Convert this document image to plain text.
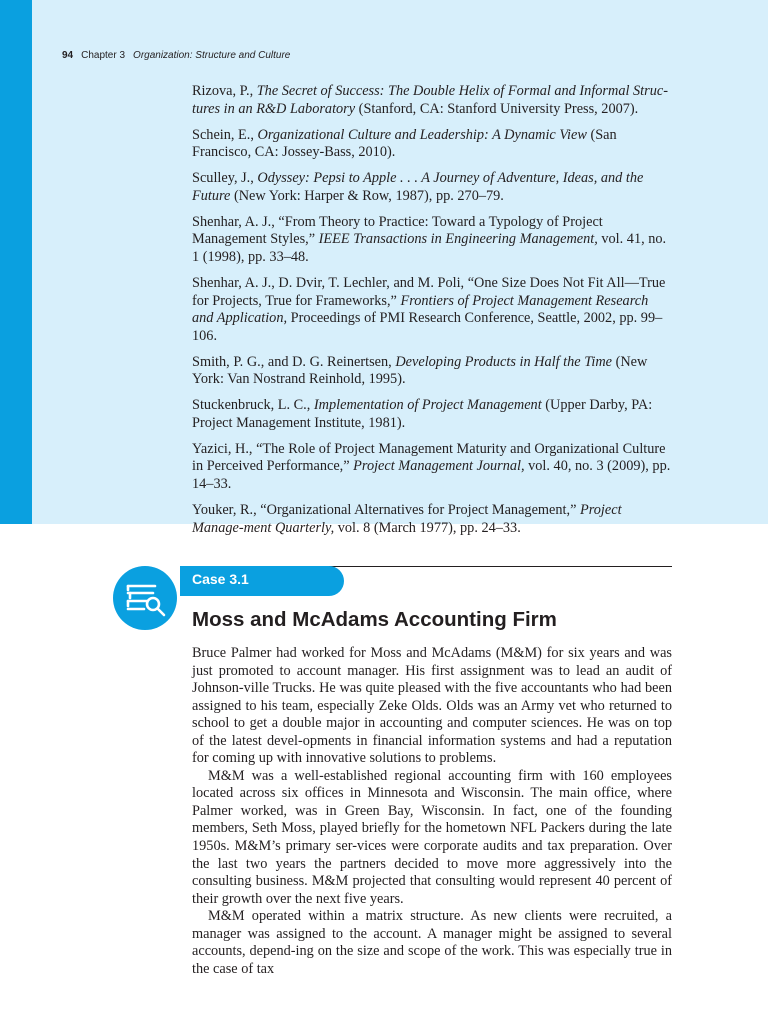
94 Chapter 3 Organization: Structure and Culture

Rizova, P., The Secret of Success: The Double Helix of Formal and Informal Struc-tures in an R&D Laboratory (Stanford, CA: Stanford University Press, 2007).

Schein, E., Organizational Culture and Leadership: A Dynamic View (San Francisco, CA: Jossey-Bass, 2010).

Sculley, J., Odyssey: Pepsi to Apple . . . A Journey of Adventure, Ideas, and the Future (New York: Harper & Row, 1987), pp. 270–79.

Shenhar, A. J., “From Theory to Practice: Toward a Typology of Project Management Styles,” IEEE Transactions in Engineering Management, vol. 41, no. 1 (1998), pp. 33–48.

Shenhar, A. J., D. Dvir, T. Lechler, and M. Poli, “One Size Does Not Fit All—True for Projects, True for Frameworks,” Frontiers of Project Management Research and Application, Proceedings of PMI Research Conference, Seattle, 2002, pp. 99–106.

Smith, P. G., and D. G. Reinertsen, Developing Products in Half the Time (New York: Van Nostrand Reinhold, 1995).

Stuckenbruck, L. C., Implementation of Project Management (Upper Darby, PA: Project Management Institute, 1981).

Yazici, H., “The Role of Project Management Maturity and Organizational Culture in Perceived Performance,” Project Management Journal, vol. 40, no. 3 (2009), pp. 14–33.

Youker, R., “Organizational Alternatives for Project Management,” Project Manage-ment Quarterly, vol. 8 (March 1977), pp. 24–33.

Case 3.1
Moss and McAdams Accounting Firm

Bruce Palmer had worked for Moss and McAdams (M&M) for six years and was just promoted to account manager. His first assignment was to lead an audit of Johnson-ville Trucks. He was quite pleased with the five accountants who had been assigned to his team, especially Zeke Olds. Olds was an Army vet who returned to school to get a double major in accounting and computer sciences. He was on top of the latest devel-opments in financial information systems and had a reputation for coming up with innovative solutions to problems.

M&M was a well-established regional accounting firm with 160 employees located across six offices in Minnesota and Wisconsin. The main office, where Palmer worked, was in Green Bay, Wisconsin. In fact, one of the founding members, Seth Moss, played briefly for the hometown NFL Packers during the late 1950s. M&M’s primary ser-vices were corporate audits and tax preparation. Over the last two years the partners decided to move more aggressively into the consulting business. M&M projected that consulting would represent 40 percent of their growth over the next five years.

M&M operated within a matrix structure. As new clients were recruited, a manager was assigned to the account. A manager might be assigned to several accounts, depend-ing on the size and scope of the work. This was especially true in the case of tax
